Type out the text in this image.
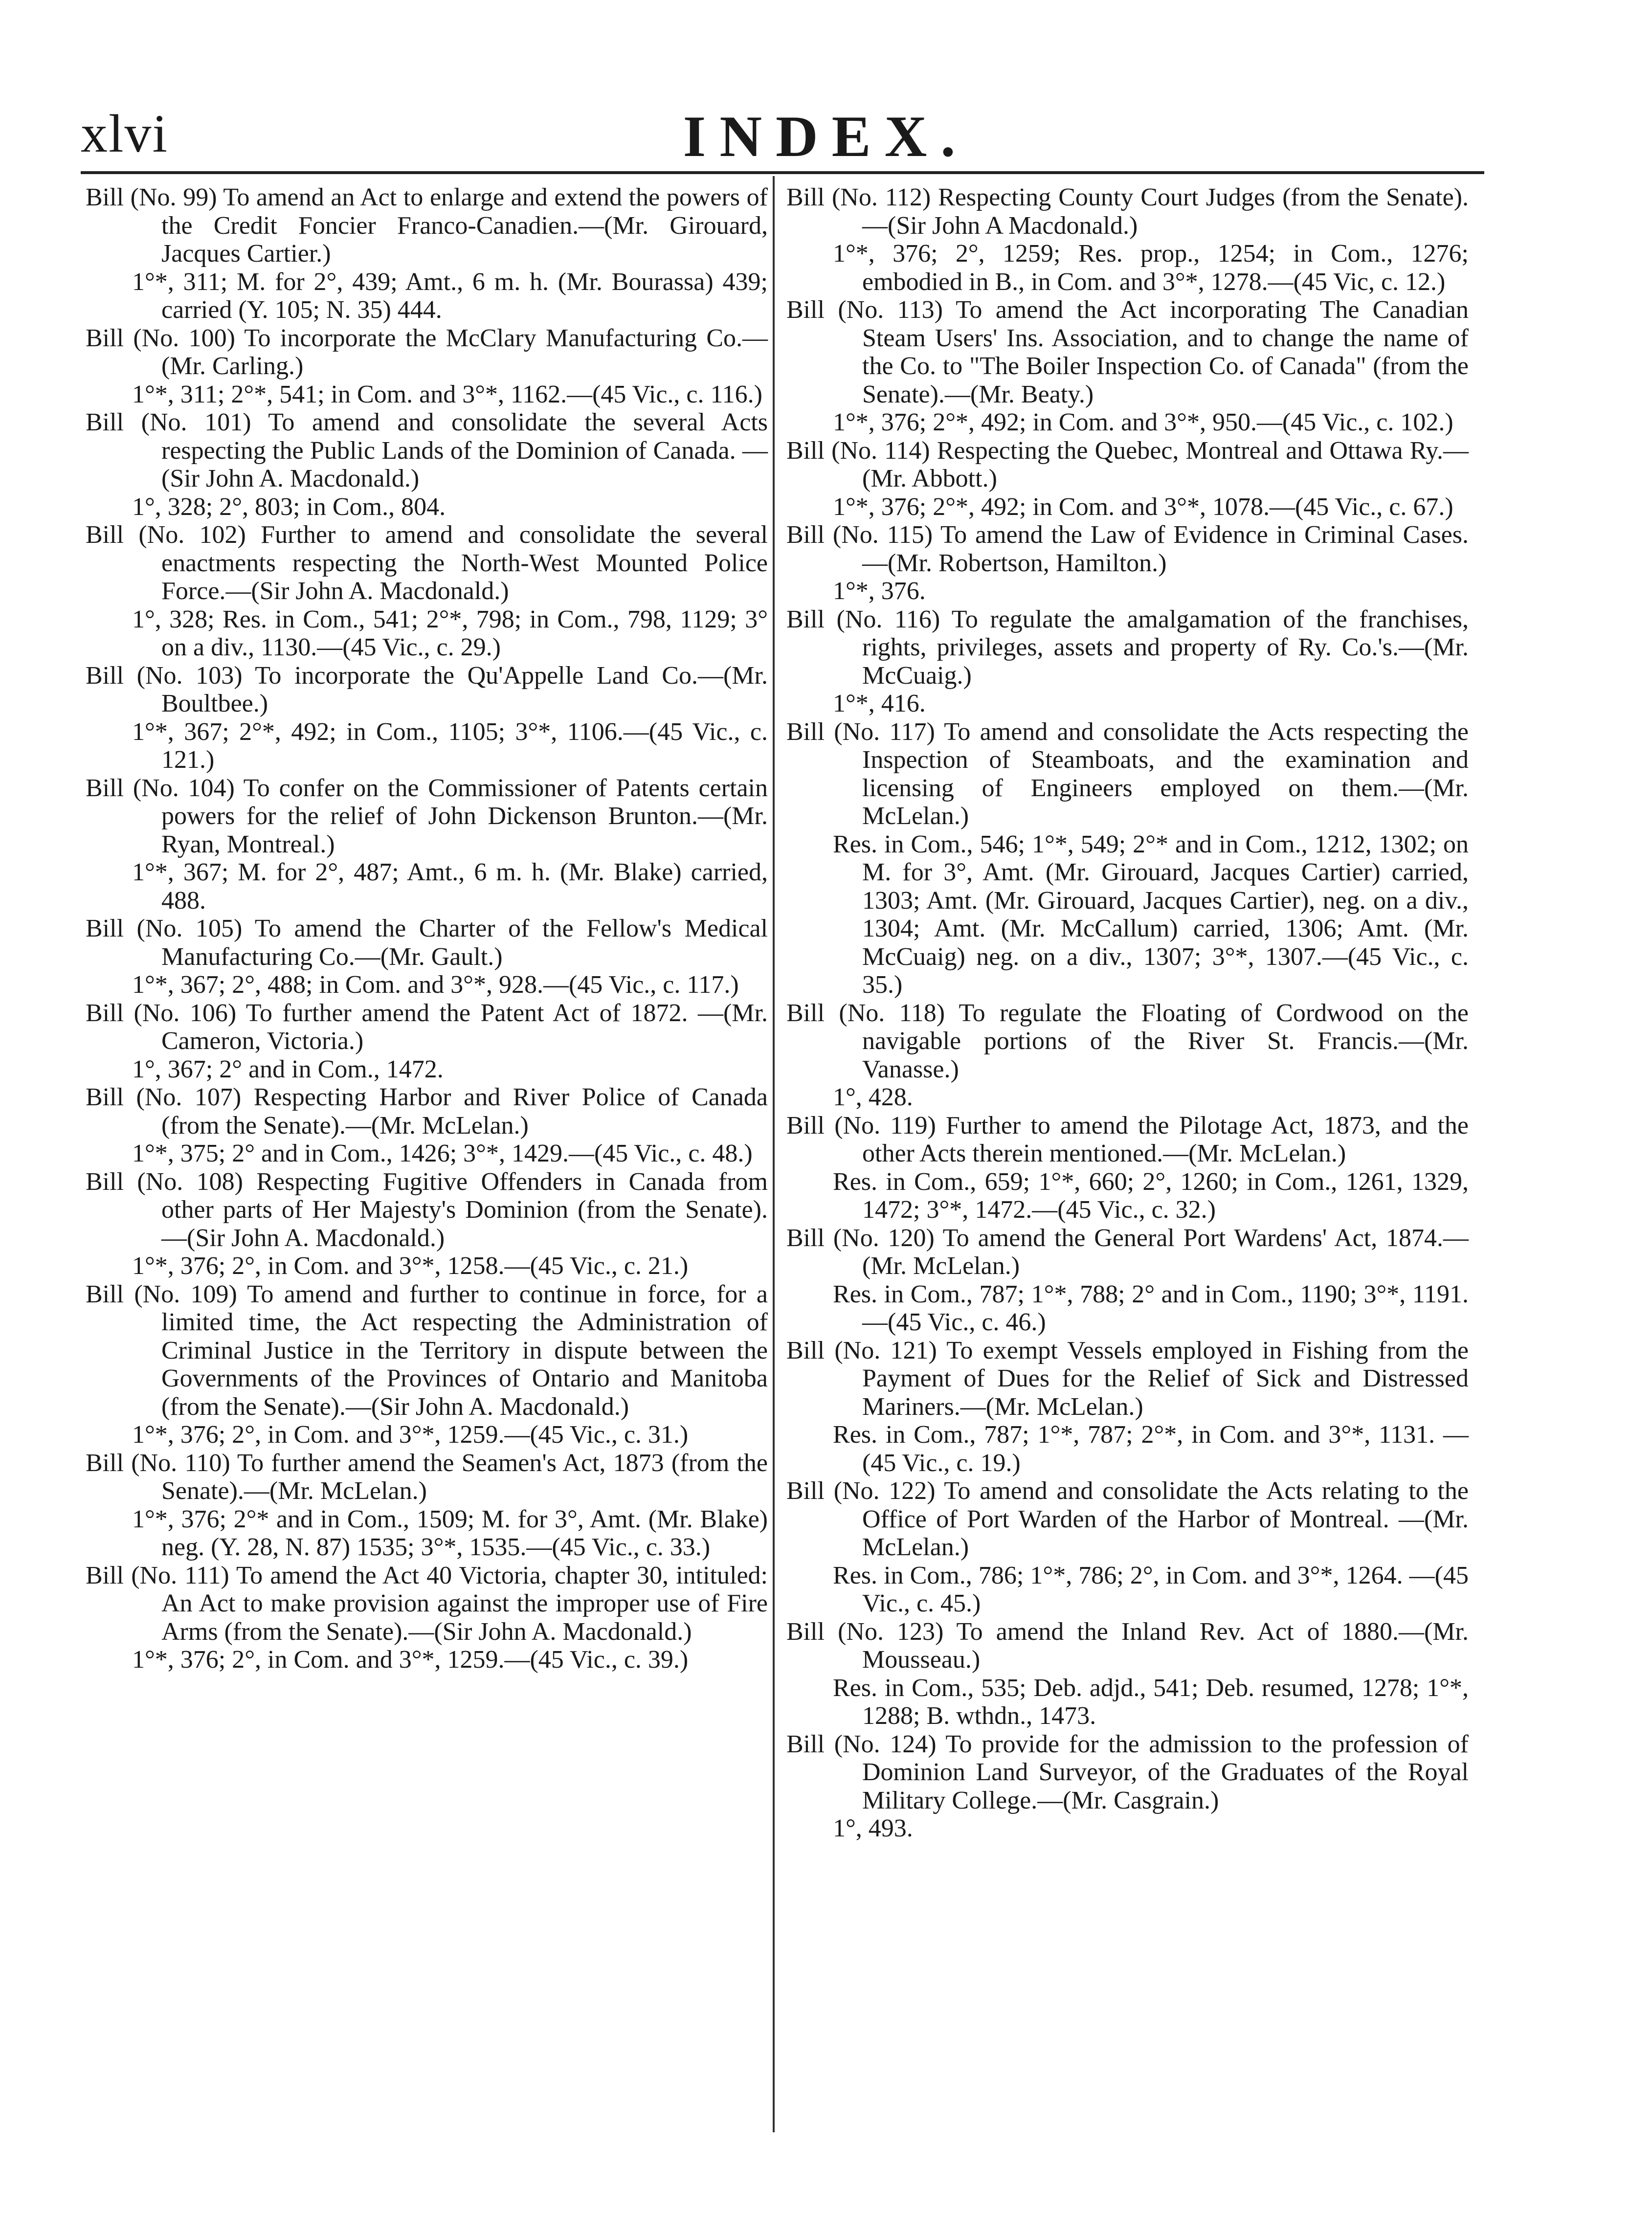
xlvi	INDEX.
Bill (No. 99) To amend an Act to enlarge and extend the powers of the Credit Foncier Franco-Canadien.—(Mr. Girouard, Jacques Cartier.)
1°*, 311; M. for 2°, 439; Amt., 6 m. h. (Mr. Bourassa) 439; carried (Y. 105; N. 35) 444.
Bill (No. 100) To incorporate the McClary Manufacturing Co.—(Mr. Carling.)
1°*, 311; 2°*, 541; in Com. and 3°*, 1162.—(45 Vic., c. 116.)
Bill (No. 101) To amend and consolidate the several Acts respecting the Public Lands of the Dominion of Canada. —(Sir John A. Macdonald.)
1°, 328; 2°, 803; in Com., 804.
Bill (No. 102) Further to amend and consolidate the several enactments respecting the North-West Mounted Police Force.—(Sir John A. Macdonald.)
1°, 328; Res. in Com., 541; 2°*, 798; in Com., 798, 1129; 3° on a div., 1130.—(45 Vic., c. 29.)
Bill (No. 103) To incorporate the Qu'Appelle Land Co.—(Mr. Boultbee.)
1°*, 367; 2°*, 492; in Com., 1105; 3°*, 1106.—(45 Vic., c. 121.)
Bill (No. 104) To confer on the Commissioner of Patents certain powers for the relief of John Dickenson Brunton.—(Mr. Ryan, Montreal.)
1°*, 367; M. for 2°, 487; Amt., 6 m. h. (Mr. Blake) carried, 488.
Bill (No. 105) To amend the Charter of the Fellow's Medical Manufacturing Co.—(Mr. Gault.)
1°*, 367; 2°, 488; in Com. and 3°*, 928.—(45 Vic., c. 117.)
Bill (No. 106) To further amend the Patent Act of 1872. —(Mr. Cameron, Victoria.)
1°, 367; 2° and in Com., 1472.
Bill (No. 107) Respecting Harbor and River Police of Canada (from the Senate).—(Mr. McLelan.)
1°*, 375; 2° and in Com., 1426; 3°*, 1429.—(45 Vic., c. 48.)
Bill (No. 108) Respecting Fugitive Offenders in Canada from other parts of Her Majesty's Dominion (from the Senate).—(Sir John A. Macdonald.)
1°*, 376; 2°, in Com. and 3°*, 1258.—(45 Vic., c. 21.)
Bill (No. 109) To amend and further to continue in force, for a limited time, the Act respecting the Administration of Criminal Justice in the Territory in dispute between the Governments of the Provinces of Ontario and Manitoba (from the Senate).—(Sir John A. Macdonald.)
1°*, 376; 2°, in Com. and 3°*, 1259.—(45 Vic., c. 31.)
Bill (No. 110) To further amend the Seamen's Act, 1873 (from the Senate).—(Mr. McLelan.)
1°*, 376; 2°* and in Com., 1509; M. for 3°, Amt. (Mr. Blake) neg. (Y. 28, N. 87) 1535; 3°*, 1535.—(45 Vic., c. 33.)
Bill (No. 111) To amend the Act 40 Victoria, chapter 30, intituled: An Act to make provision against the improper use of Fire Arms (from the Senate).—(Sir John A. Macdonald.)
1°*, 376; 2°, in Com. and 3°*, 1259.—(45 Vic., c. 39.)
Bill (No. 112) Respecting County Court Judges (from the Senate).—(Sir John A Macdonald.)
1°*, 376; 2°, 1259; Res. prop., 1254; in Com., 1276; embodied in B., in Com. and 3°*, 1278.—(45 Vic, c. 12.)
Bill (No. 113) To amend the Act incorporating The Canadian Steam Users' Ins. Association, and to change the name of the Co. to "The Boiler Inspection Co. of Canada" (from the Senate).—(Mr. Beaty.)
1°*, 376; 2°*, 492; in Com. and 3°*, 950.—(45 Vic., c. 102.)
Bill (No. 114) Respecting the Quebec, Montreal and Ottawa Ry.—(Mr. Abbott.)
1°*, 376; 2°*, 492; in Com. and 3°*, 1078.—(45 Vic., c. 67.)
Bill (No. 115) To amend the Law of Evidence in Criminal Cases.—(Mr. Robertson, Hamilton.)
1°*, 376.
Bill (No. 116) To regulate the amalgamation of the franchises, rights, privileges, assets and property of Ry. Co.'s.—(Mr. McCuaig.)
1°*, 416.
Bill (No. 117) To amend and consolidate the Acts respecting the Inspection of Steamboats, and the examination and licensing of Engineers employed on them.—(Mr. McLelan.)
Res. in Com., 546; 1°*, 549; 2°* and in Com., 1212, 1302; on M. for 3°, Amt. (Mr. Girouard, Jacques Cartier) carried, 1303; Amt. (Mr. Girouard, Jacques Cartier), neg. on a div., 1304; Amt. (Mr. McCallum) carried, 1306; Amt. (Mr. McCuaig) neg. on a div., 1307; 3°*, 1307.—(45 Vic., c. 35.)
Bill (No. 118) To regulate the Floating of Cordwood on the navigable portions of the River St. Francis.—(Mr. Vanasse.)
1°, 428.
Bill (No. 119) Further to amend the Pilotage Act, 1873, and the other Acts therein mentioned.—(Mr. McLelan.)
Res. in Com., 659; 1°*, 660; 2°, 1260; in Com., 1261, 1329, 1472; 3°*, 1472.—(45 Vic., c. 32.)
Bill (No. 120) To amend the General Port Wardens' Act, 1874.—(Mr. McLelan.)
Res. in Com., 787; 1°*, 788; 2° and in Com., 1190; 3°*, 1191.—(45 Vic., c. 46.)
Bill (No. 121) To exempt Vessels employed in Fishing from the Payment of Dues for the Relief of Sick and Distressed Mariners.—(Mr. McLelan.)
Res. in Com., 787; 1°*, 787; 2°*, in Com. and 3°*, 1131. —(45 Vic., c. 19.)
Bill (No. 122) To amend and consolidate the Acts relating to the Office of Port Warden of the Harbor of Montreal. —(Mr. McLelan.)
Res. in Com., 786; 1°*, 786; 2°, in Com. and 3°*, 1264. —(45 Vic., c. 45.)
Bill (No. 123) To amend the Inland Rev. Act of 1880.—(Mr. Mousseau.)
Res. in Com., 535; Deb. adjd., 541; Deb. resumed, 1278; 1°*, 1288; B. wthdn., 1473.
Bill (No. 124) To provide for the admission to the profession of Dominion Land Surveyor, of the Graduates of the Royal Military College.—(Mr. Casgrain.)
1°, 493.
